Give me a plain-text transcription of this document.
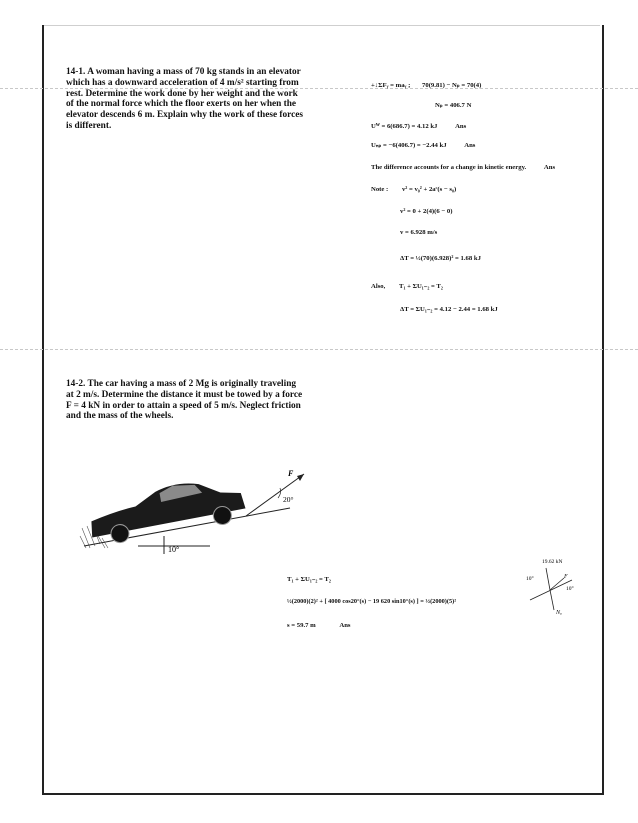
14-1. A woman having a mass of 70 kg stands in an elevator which has a downward acceleration of 4 m/s² starting from rest. Determine the work done by her weight and the work of the normal force which the floor exerts on her when the elevator descends 6 m. Explain why the work of these forces is different.
+↓ΣFᵧ = maᵧ ; 70(9.81) − Nₚ = 70(4)
Nₚ = 406.7 N
Uᵂ = 6(686.7) = 4.12 kJ	Ans
Uₙₚ = −6(406.7) = −2.44 kJ	Ans
The difference accounts for a change in kinetic energy.	Ans
Note : v² = v₀² + 2aᶜ(s − s₀)
v² = 0 + 2(4)(6 − 0)
v = 6.928 m/s
ΔT = ½(70)(6.928)² = 1.68 kJ
Also, T₁ + ΣU₁₋₂ = T₂
ΔT = ΣU₁₋₂ = 4.12 − 2.44 = 1.68 kJ
14-2. The car having a mass of 2 Mg is originally traveling at 2 m/s. Determine the distance it must be towed by a force F = 4 kN in order to attain a speed of 5 m/s. Neglect friction and the mass of the wheels.
10°
F
20°
19.62 kN
10°	F
10°
Nₐ
T₁ + ΣU₁₋₂ = T₂
½(2000)(2)² + [ 4000 cos20°(s) − 19 620 sin10°(s) ] = ½(2000)(5)²
s = 59.7 m	Ans
